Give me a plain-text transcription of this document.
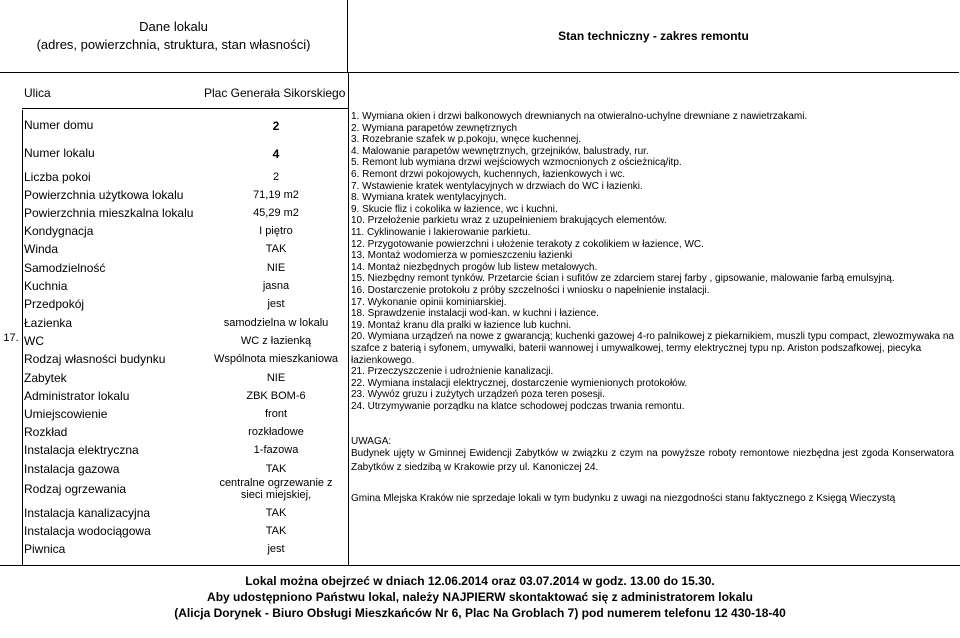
Dane lokalu
(adres, powierzchnia, struktura, stan własności)
Stan techniczny - zakres remontu
Ulica	Plac Generała Sikorskiego
17.
Numer domu	2
Numer lokalu	4
Liczba pokoi	2
Powierzchnia użytkowa lokalu	71,19 m2
Powierzchnia mieszkalna lokalu	45,29 m2
Kondygnacja	I piętro
Winda	TAK
Samodzielność	NIE
Kuchnia	jasna
Przedpokój	jest
Łazienka	samodzielna w lokalu
WC	WC z łazienką
Rodzaj własności budynku	Wspólnota mieszkaniowa
Zabytek	NIE
Administrator lokalu	ZBK BOM-6
Umiejscowienie	front
Rozkład	rozkładowe
Instalacja elektryczna	1-fazowa
Instalacja gazowa	TAK
Rodzaj ogrzewania	centralne ogrzewanie z sieci miejskiej,
Instalacja kanalizacyjna	TAK
Instalacja wodociągowa	TAK
Piwnica	jest
1. Wymiana okien i drzwi balkonowych drewnianych na otwieralno-uchylne drewniane z nawietrzakami.
2. Wymiana parapetów zewnętrznych
3. Rozebranie szafek w p.pokoju, wnęce kuchennej.
4. Malowanie parapetów wewnętrznych, grzejników, balustrady, rur.
5. Remont lub wymiana drzwi wejściowych wzmocnionych z ościeżnicą/itp.
6. Remont drzwi pokojowych, kuchennych, łazienkowych i wc.
7. Wstawienie kratek wentylacyjnych w drzwiach do WC i łazienki.
8. Wymiana kratek wentylacyjnych.
9. Skucie fliz i cokolika w łazience, wc i kuchni.
10. Przełożenie parkietu wraz z uzupełnieniem brakujących elementów.
11. Cyklinowanie i lakierowanie parkietu.
12. Przygotowanie powierzchni i ułożenie terakoty z cokolikiem w łazience, WC.
13. Montaż wodomierza w pomieszczeniu łazienki
14. Montaż niezbędnych progów lub listew metalowych.
15. Niezbędny remont tynków. Przetarcie ścian i sufitów ze zdarciem starej farby , gipsowanie, malowanie farbą emulsyjną.
16. Dostarczenie protokołu z próby szczelności i wniosku o napełnienie instalacji.
17. Wykonanie opinii kominiarskiej.
18. Sprawdzenie instalacji wod-kan. w kuchni i łazience.
19. Montaż kranu dla pralki w łazience lub kuchni.
20. Wymiana urządzeń na nowe z gwarancją; kuchenki gazowej 4-ro palnikowej z piekarnikiem, muszli typu compact, zlewozmywaka na
szafce z baterią i syfonem, umywalki, baterii wannowej i umywalkowej, termy elektrycznej typu np. Ariston podszafkowej, piecyka
łazienkowego.
21. Przeczyszczenie i udrożnienie kanalizacji.
22. Wymiana instalacji elektrycznej, dostarczenie wymienionych protokołów.
23. Wywóz gruzu i zużytych urządzeń poza teren posesji.
24. Utrzymywanie porządku na klatce schodowej podczas trwania remontu.
UWAGA:
Budynek ujęty w Gminnej Ewidencji Zabytków w związku z czym na powyższe roboty remontowe niezbędna jest zgoda Konserwatora Zabytków z siedzibą w Krakowie przy ul. Kanoniczej 24.
Gmina Mlejska Kraków nie sprzedaje lokali w tym budynku z uwagi na niezgodności stanu faktycznego z Księgą Wieczystą
Lokal można obejrzeć w dniach 12.06.2014 oraz 03.07.2014 w godz. 13.00 do 15.30.
Aby udostępniono Państwu lokal, należy NAJPIERW skontaktować się z administratorem lokalu
(Alicja Dorynek - Biuro Obsługi Mieszkańców Nr 6, Plac Na Groblach 7) pod numerem telefonu 12 430-18-40
